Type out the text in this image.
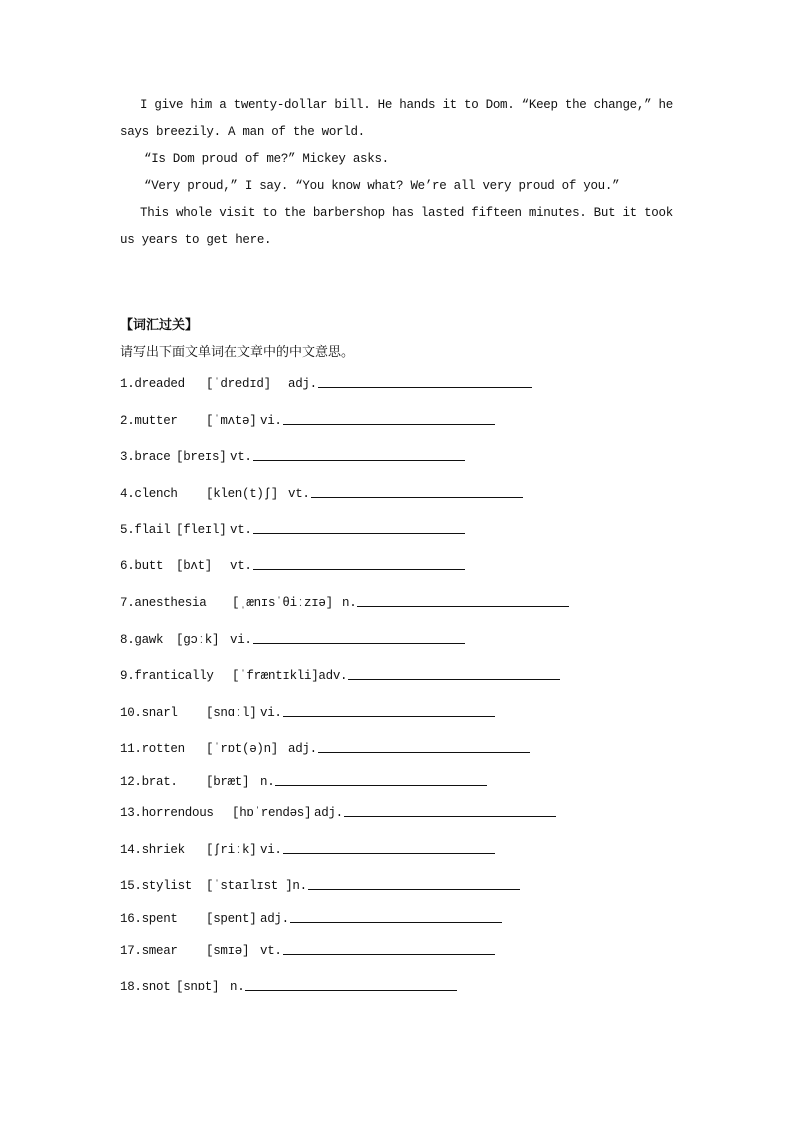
I give him a twenty-dollar bill. He hands it to Dom. “Keep the change,” he says breezily. A man of the world.

“Is Dom proud of me?” Mickey asks.

“Very proud,” I say. “You know what? We’re all very proud of you.”

This whole visit to the barbershop has lasted fifteen minutes. But it took us years to get here.

【词汇过关】
请写出下面文单词在文章中的中文意思。
1.dreaded	[ˈdredɪd]	adj.
2.mutter	[ˈmʌtə] vi.
3.brace [breɪs] vt.
4.clench	[klen(t)ʃ] vt.
5.flail [fleɪl] vt.
6.butt	[bʌt]	vt.
7.anesthesia	[ˌænɪsˈθiːzɪə] n.
8.gawk	[gɔːk] vi.
9.frantically	[ˈfræntɪkli] adv.
10.snarl	[snɑːl] vi.
11.rotten	[ˈrɒt(ə)n] adj.
12.brat.	[bræt] n.
13.horrendous	[hɒˈrendəs] adj.
14.shriek	[ʃriːk] vi.
15.stylist	[ˈstaɪlɪst ] n.
16.spent	[spent] adj.
17.smear	[smɪə] vt.
18.snot [snɒt] n.
